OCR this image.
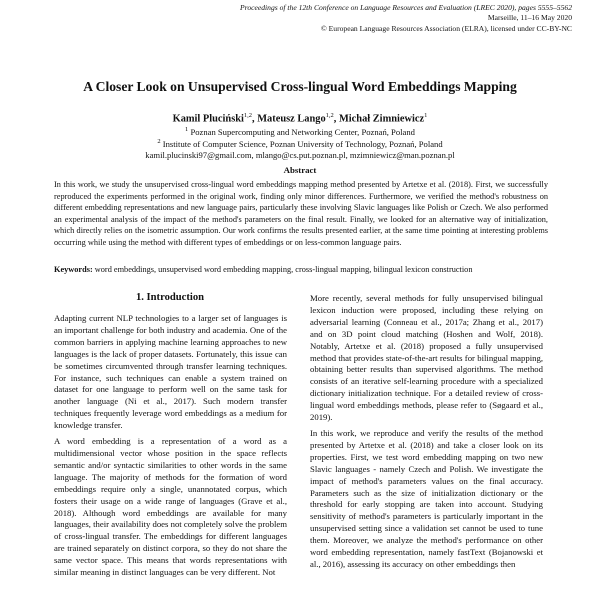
Proceedings of the 12th Conference on Language Resources and Evaluation (LREC 2020), pages 5555–5562
Marseille, 11–16 May 2020
© European Language Resources Association (ELRA), licensed under CC-BY-NC
A Closer Look on Unsupervised Cross-lingual Word Embeddings Mapping
Kamil Pluciński$^{1,2}$, Mateusz Lango$^{1,2}$, Michał Zimniewicz$^1$
$^1$ Poznan Supercomputing and Networking Center, Poznań, Poland
$^2$ Institute of Computer Science, Poznan University of Technology, Poznań, Poland
kamil.plucinski97@gmail.com, mlango@cs.put.poznan.pl, mzimniewicz@man.poznan.pl
Abstract

In this work, we study the unsupervised cross-lingual word embeddings mapping method presented by Artetxe et al. (2018). First, we successfully reproduced the experiments performed in the original work, finding only minor differences. Furthermore, we verified the method's robustness on different embedding representations and new language pairs, particularly these involving Slavic languages like Polish or Czech. We also performed an experimental analysis of the impact of the method's parameters on the final result. Finally, we looked for an alternative way of initialization, which directly relies on the isometric assumption. Our work confirms the results presented earlier, at the same time pointing at interesting problems occurring while using the method with different types of embeddings or on less-common language pairs.

Keywords: word embeddings, unsupervised word embedding mapping, cross-lingual mapping, bilingual lexicon construction

1. Introduction

Adapting current NLP technologies to a larger set of languages is an important challenge for both industry and academia. One of the common barriers in applying machine learning approaches to new languages is the lack of proper datasets. Fortunately, this issue can be sometimes circumvented through transfer learning techniques. For instance, such techniques can enable a system trained on dataset for one language to perform well on the same task for another language (Ni et al., 2017). Such modern transfer techniques frequently leverage word embeddings as a medium for knowledge transfer.

A word embedding is a representation of a word as a multidimensional vector whose position in the space reflects semantic and/or syntactic similarities to other words in the same language. The majority of methods for the formation of word embeddings require only a single, unannotated corpus, which fosters their usage on a wide range of languages (Grave et al., 2018). Although word embeddings are available for many languages, their availability does not completely solve the problem of cross-lingual transfer. The embeddings for different languages are trained separately on distinct corpora, so they do not share the same vector space. This means that words representations with similar meaning in distinct languages can be very different. Not

More recently, several methods for fully unsupervised bilingual lexicon induction were proposed, including these relying on adversarial learning (Conneau et al., 2017a; Zhang et al., 2017) and on 3D point cloud matching (Hoshen and Wolf, 2018). Notably, Artetxe et al. (2018) proposed a fully unsupervised method that provides state-of-the-art results for bilingual mapping, obtaining better results than supervised algorithms. The method consists of an iterative self-learning procedure with a specialized dictionary initialization technique. For a detailed review of cross-lingual word embeddings methods, please refer to (Søgaard et al., 2019).

In this work, we reproduce and verify the results of the method presented by Artetxe et al. (2018) and take a closer look on its properties. First, we test word embedding mapping on two new Slavic languages - namely Czech and Polish. We investigate the impact of method's parameters values on the final accuracy. Parameters such as the size of initialization dictionary or the threshold for early stopping are taken into account. Studying sensitivity of method's parameters is particularly important in the unsupervised setting since a validation set cannot be used to tune them. Moreover, we analyze the method's performance on other word embedding representation, namely fastText (Bojanowski et al., 2016), assessing its accuracy on other embeddings then
